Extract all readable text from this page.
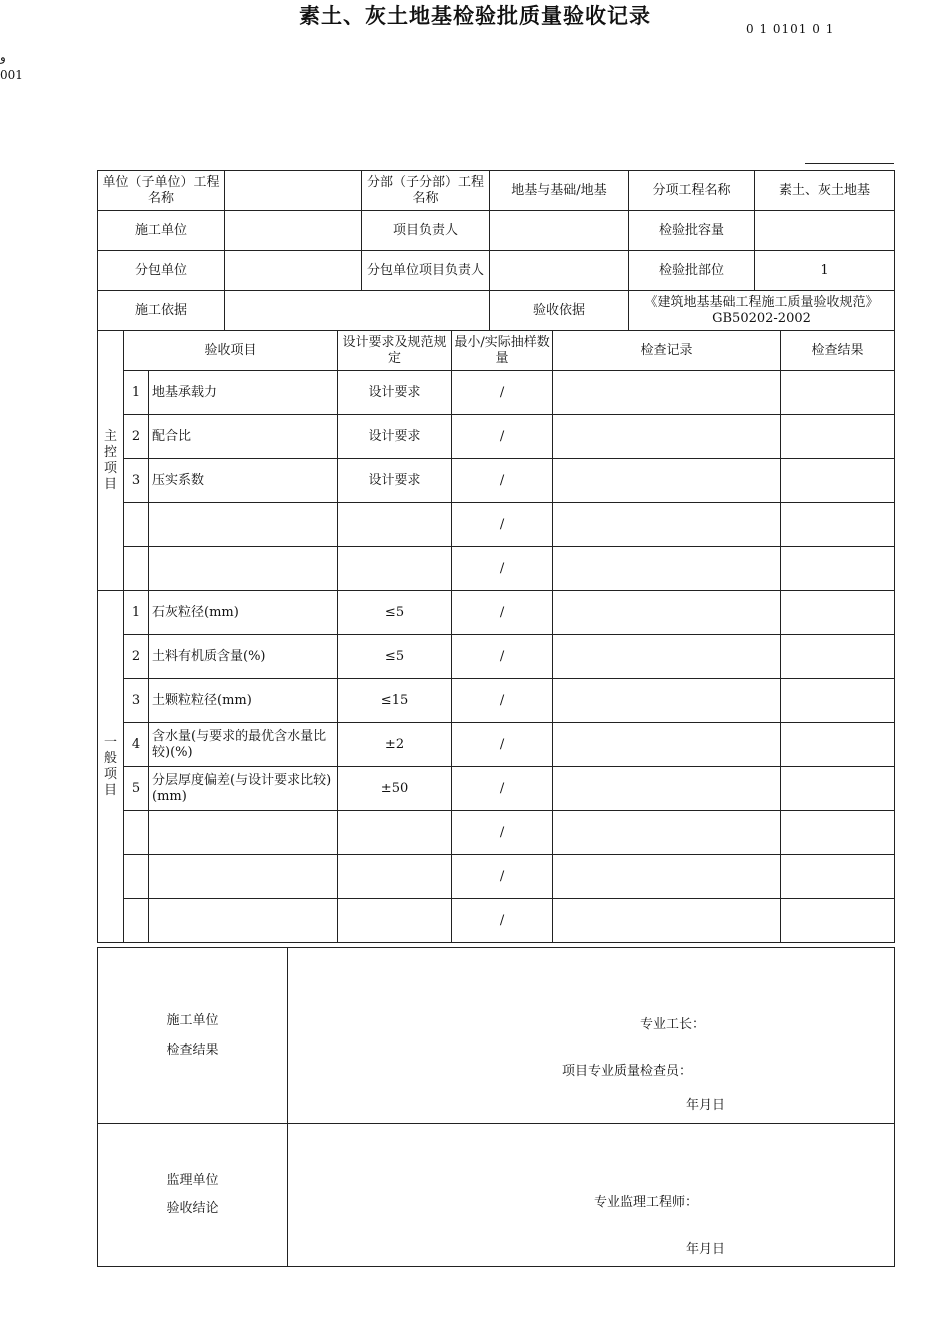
素土、灰土地基检验批质量验收记录
0 1 0101 0 1
و
001
单位（子单位）工程名称		分部（子分部）工程名称	地基与基础/地基	分项工程名称	素土、灰土地基
施工单位		项目负责人		检验批容量	
分包单位		分包单位项目负责人		检验批部位	1
施工依据			验收依据	《建筑地基基础工程施工质量验收规范》GB50202-2002	
主控项目	验收项目		设计要求及规范规定	最小/实际抽样数量	检查记录	检查结果
	1	地基承载力	设计要求	/		
	2	配合比	设计要求	/		
	3	压实系数	设计要求	/		
				/		
				/		
一般项目	1	石灰粒径(mm)	≤5	/		
	2	土料有机质含量(%)	≤5	/		
	3	土颗粒粒径(mm)	≤15	/		
	4	含水量(与要求的最优含水量比较)(%)	±2	/		
	5	分层厚度偏差(与设计要求比较)(mm)	±50	/		
				/		
				/		
				/		
施工单位
检查结果	

监理单位
验收结论	

专业工长：
项目专业质量检查员：
年月日
专业监理工程师：
年月日
